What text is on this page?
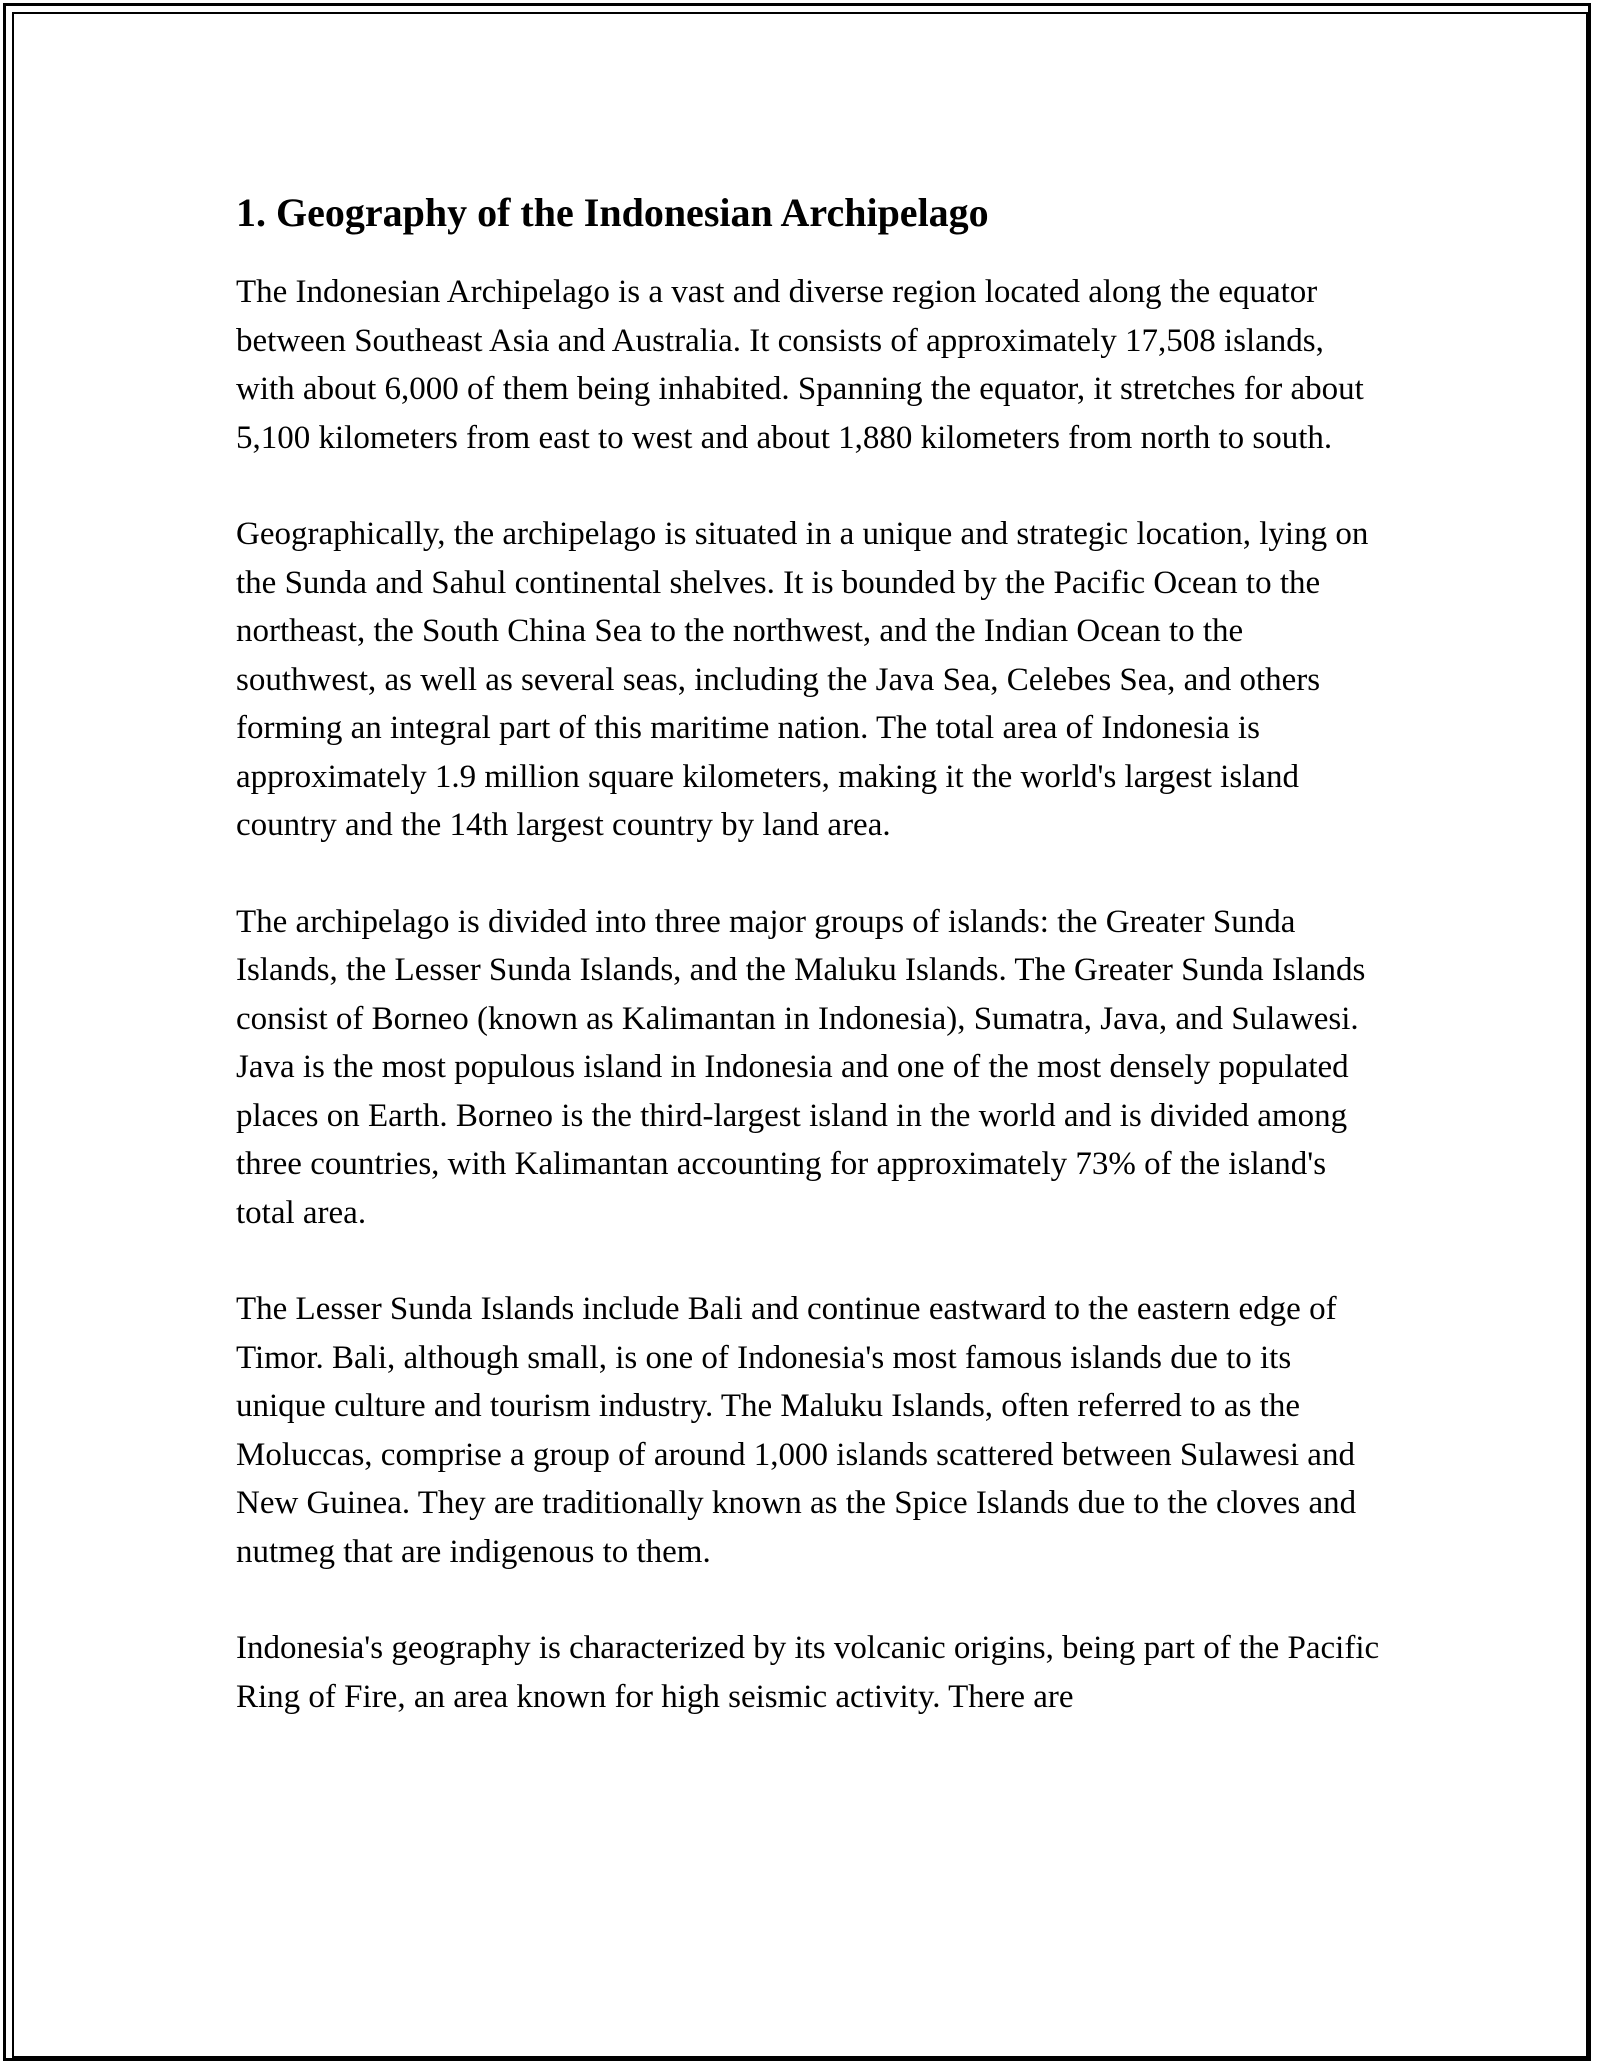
1. Geography of the Indonesian Archipelago

The Indonesian Archipelago is a vast and diverse region located along the equator between Southeast Asia and Australia. It consists of approximately 17,508 islands, with about 6,000 of them being inhabited. Spanning the equator, it stretches for about 5,100 kilometers from east to west and about 1,880 kilometers from north to south.

Geographically, the archipelago is situated in a unique and strategic location, lying on the Sunda and Sahul continental shelves. It is bounded by the Pacific Ocean to the northeast, the South China Sea to the northwest, and the Indian Ocean to the southwest, as well as several seas, including the Java Sea, Celebes Sea, and others forming an integral part of this maritime nation. The total area of Indonesia is approximately 1.9 million square kilometers, making it the world's largest island country and the 14th largest country by land area.

The archipelago is divided into three major groups of islands: the Greater Sunda Islands, the Lesser Sunda Islands, and the Maluku Islands. The Greater Sunda Islands consist of Borneo (known as Kalimantan in Indonesia), Sumatra, Java, and Sulawesi. Java is the most populous island in Indonesia and one of the most densely populated places on Earth. Borneo is the third-largest island in the world and is divided among three countries, with Kalimantan accounting for approximately 73% of the island's total area.

The Lesser Sunda Islands include Bali and continue eastward to the eastern edge of Timor. Bali, although small, is one of Indonesia's most famous islands due to its unique culture and tourism industry. The Maluku Islands, often referred to as the Moluccas, comprise a group of around 1,000 islands scattered between Sulawesi and New Guinea. They are traditionally known as the Spice Islands due to the cloves and nutmeg that are indigenous to them.

Indonesia's geography is characterized by its volcanic origins, being part of the Pacific Ring of Fire, an area known for high seismic activity. There are
